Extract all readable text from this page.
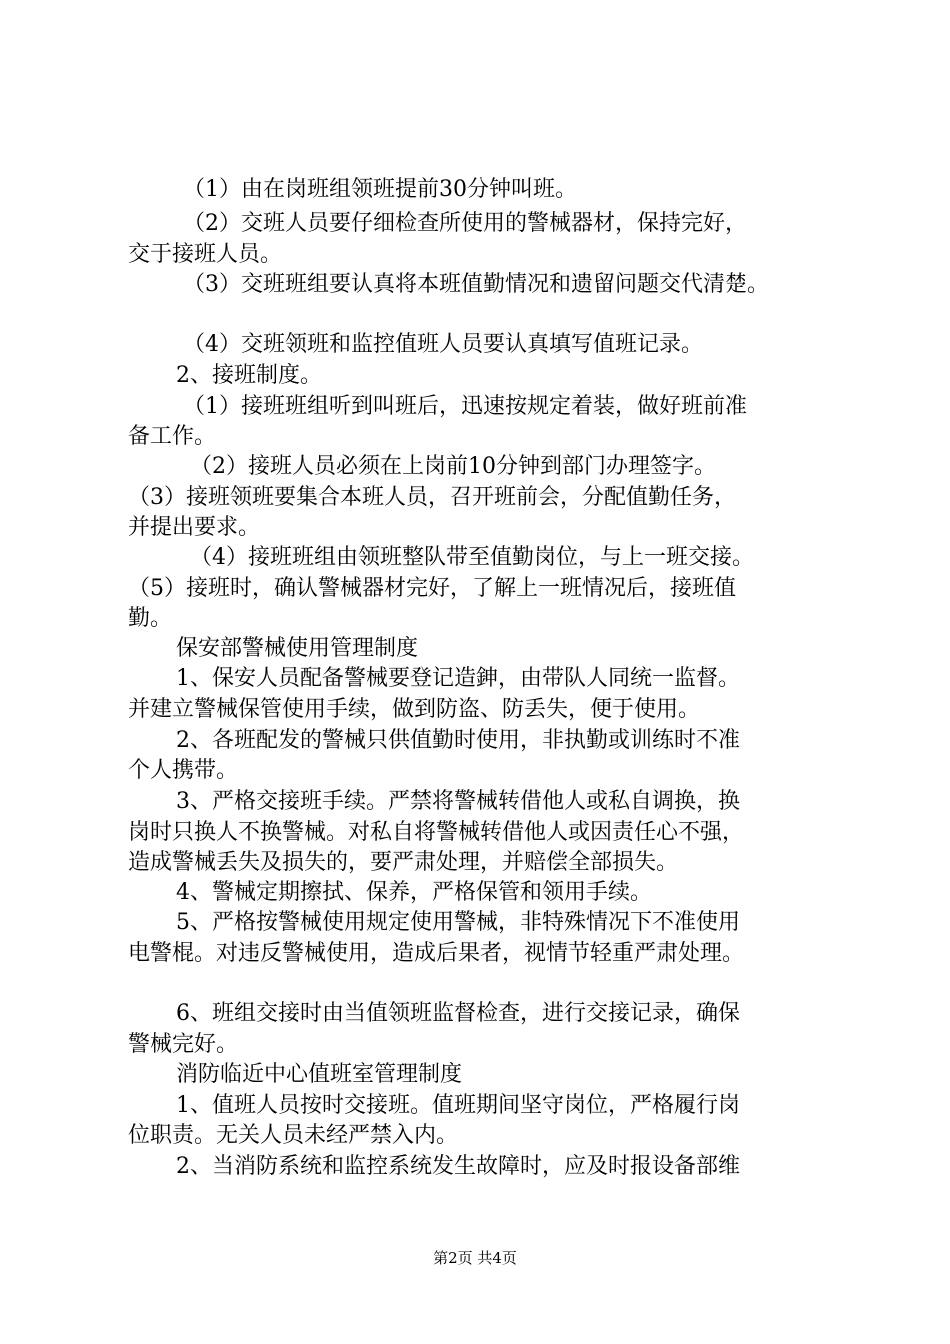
（1）由在岗班组领班提前30分钟叫班。
（2）交班人员要仔细检查所使用的警械器材，保持完好，
交于接班人员。
（3）交班班组要认真将本班值勤情况和遗留问题交代清楚。
（4）交班领班和监控值班人员要认真填写值班记录。
2、接班制度。
（1）接班班组听到叫班后，迅速按规定着装，做好班前准
备工作。
（2）接班人员必须在上岗前10分钟到部门办理签字。
（3）接班领班要集合本班人员，召开班前会，分配值勤任务，
并提出要求。
（4）接班班组由领班整队带至值勤岗位，与上一班交接。
（5）接班时，确认警械器材完好，了解上一班情况后，接班值
勤。
保安部警械使用管理制度
1、保安人员配备警械要登记造鉮，由带队人同统一监督。
并建立警械保管使用手续，做到防盗、防丢失，便于使用。
2、各班配发的警械只供值勤时使用，非执勤或训练时不准
个人携带。
3、严格交接班手续。严禁将警械转借他人或私自调换，换
岗时只换人不换警械。对私自将警械转借他人或因责任心不强，
造成警械丢失及损失的，要严肃处理，并赔偿全部损失。
4、警械定期擦拭、保养，严格保管和领用手续。
5、严格按警械使用规定使用警械，非特殊情况下不准使用
电警棍。对违反警械使用，造成后果者，视情节轻重严肃处理。
6、班组交接时由当值领班监督检查，进行交接记录，确保
警械完好。
消防临近中心值班室管理制度
1、值班人员按时交接班。值班期间坚守岗位，严格履行岗
位职责。无关人员未经严禁入内。
2、当消防系统和监控系统发生故障时，应及时报设备部维
第2页 共4页
